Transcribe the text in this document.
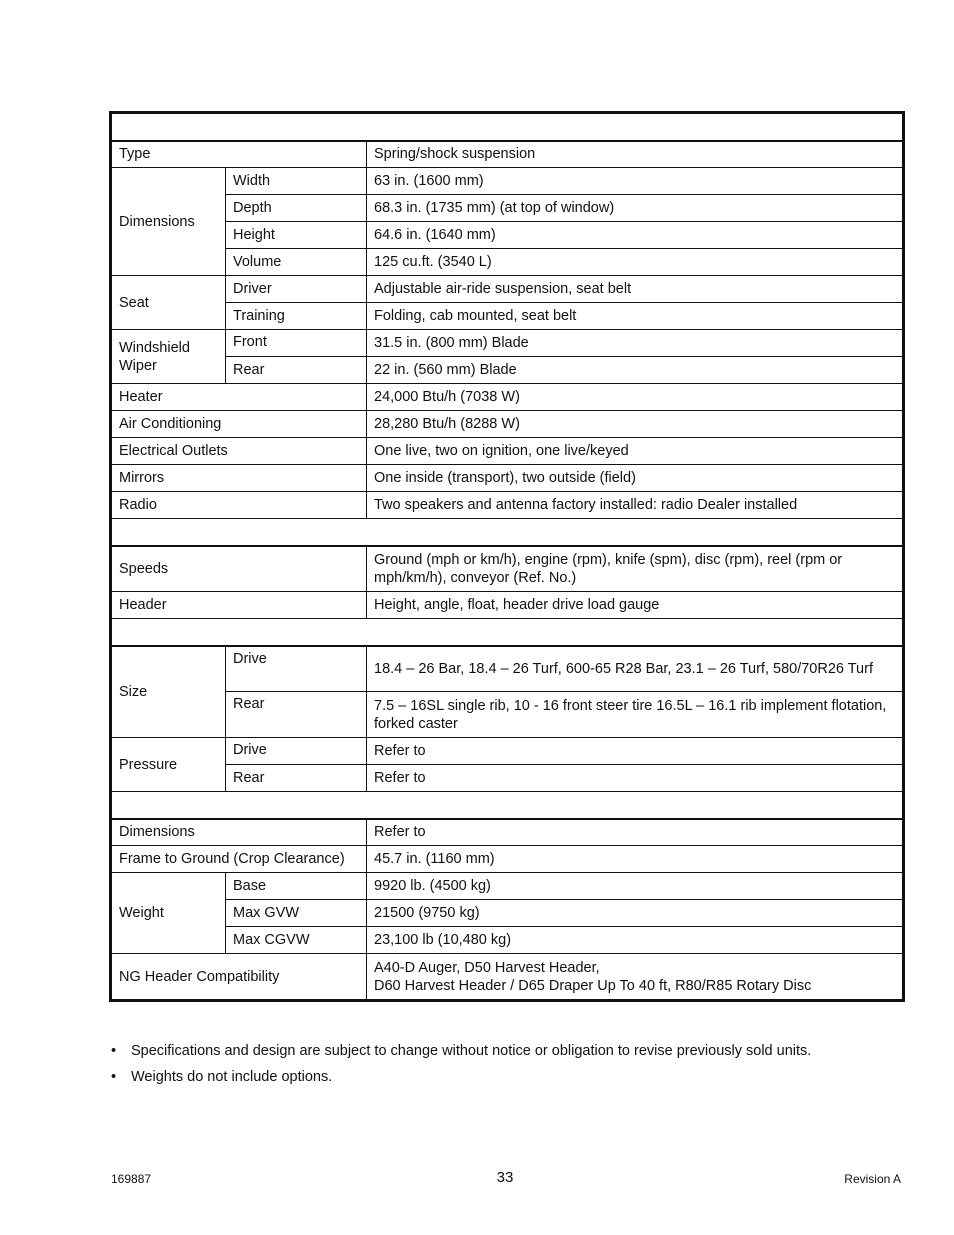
Type		Spring/shock suspension
Dimensions	Width	63 in. (1600 mm)
	Depth	68.3 in. (1735 mm) (at top of window)
	Height	64.6 in. (1640 mm)
	Volume	125 cu.ft. (3540 L)
Seat	Driver	Adjustable air-ride suspension, seat belt
	Training	Folding, cab mounted, seat belt
Windshield Wiper	Front	31.5 in. (800 mm) Blade
	Rear	22 in. (560 mm) Blade
Heater		24,000 Btu/h (7038 W)
Air Conditioning		28,280 Btu/h (8288 W)
Electrical Outlets		One live, two on ignition, one live/keyed
Mirrors		One inside (transport), two outside (field)
Radio		Two speakers and antenna factory installed: radio Dealer installed

Speeds		Ground (mph or km/h), engine (rpm), knife (spm), disc (rpm), reel (rpm or mph/km/h), conveyor (Ref. No.)
Header		Height, angle, float, header drive load gauge

Size	Drive	18.4 – 26 Bar, 18.4 – 26 Turf, 600-65 R28 Bar, 23.1 – 26 Turf, 580/70R26 Turf
	Rear	7.5 – 16SL single rib, 10 - 16 front steer tire 16.5L – 16.1 rib implement flotation, forked caster
Pressure	Drive	Refer to
	Rear	Refer to

Dimensions		Refer to
Frame to Ground (Crop Clearance)		45.7 in. (1160 mm)
Weight	Base	9920 lb. (4500 kg)
	Max GVW	21500 (9750 kg)
	Max CGVW	23,100 lb (10,480 kg)
NG Header Compatibility		A40-D Auger, D50 Harvest Header,
D60 Harvest Header / D65 Draper Up To 40 ft, R80/R85 Rotary Disc
•	Specifications and design are subject to change without notice or obligation to revise previously sold units.
•	Weights do not include options.
169887	33	Revision A
